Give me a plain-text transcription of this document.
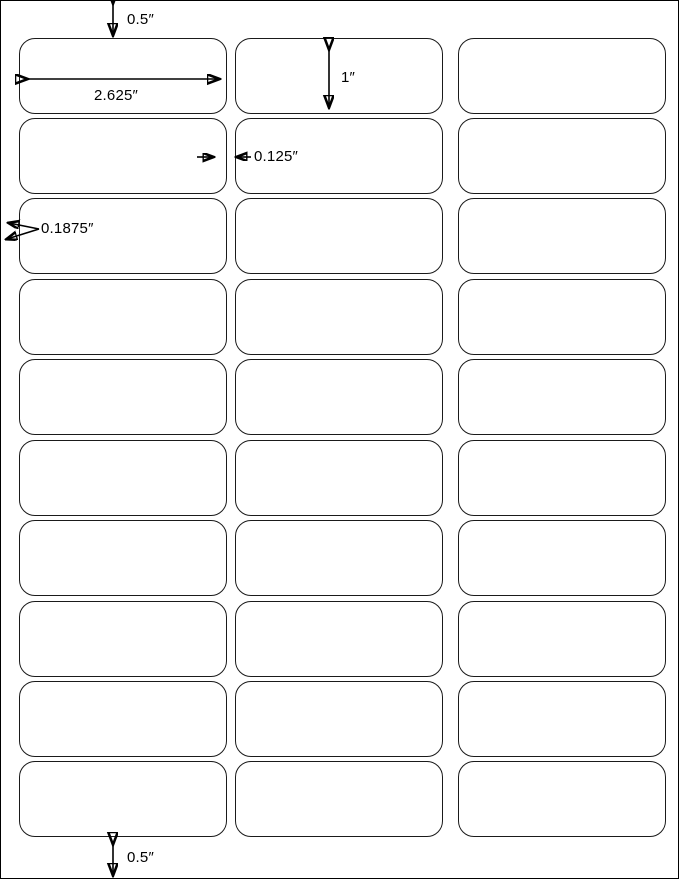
0.5″
2.625″
1″
0.125″
0.1875″
0.5″
